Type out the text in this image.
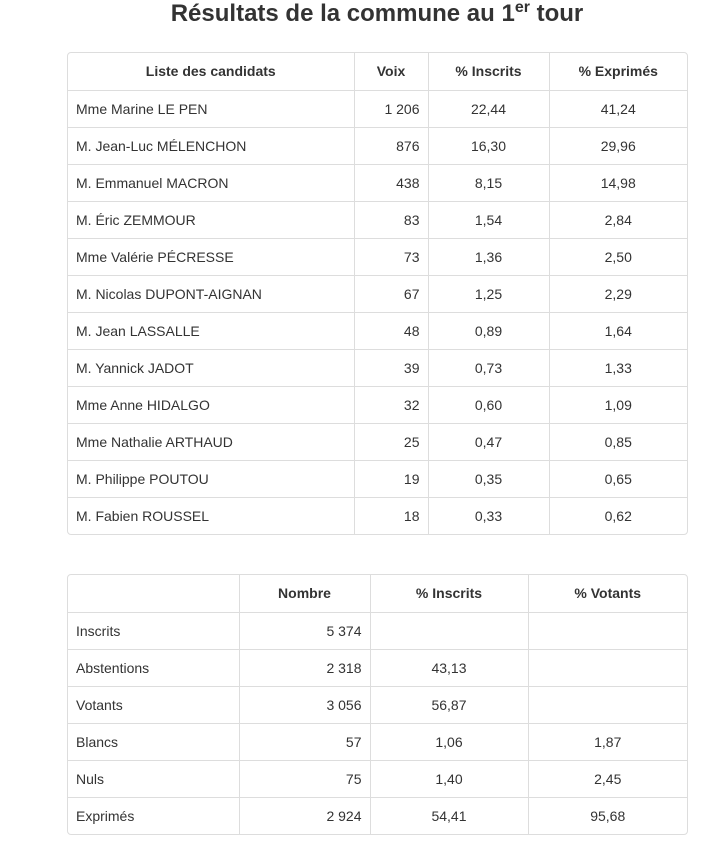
Résultats de la commune au 1er tour
Liste des candidats	Voix	% Inscrits	% Exprimés
Mme Marine LE PEN	1 206	22,44	41,24
M. Jean-Luc MÉLENCHON	876	16,30	29,96
M. Emmanuel MACRON	438	8,15	14,98
M. Éric ZEMMOUR	83	1,54	2,84
Mme Valérie PÉCRESSE	73	1,36	2,50
M. Nicolas DUPONT-AIGNAN	67	1,25	2,29
M. Jean LASSALLE	48	0,89	1,64
M. Yannick JADOT	39	0,73	1,33
Mme Anne HIDALGO	32	0,60	1,09
Mme Nathalie ARTHAUD	25	0,47	0,85
M. Philippe POUTOU	19	0,35	0,65
M. Fabien ROUSSEL	18	0,33	0,62
	Nombre	% Inscrits	% Votants
Inscrits	5 374		
Abstentions	2 318	43,13	
Votants	3 056	56,87	
Blancs	57	1,06	1,87
Nuls	75	1,40	2,45
Exprimés	2 924	54,41	95,68
